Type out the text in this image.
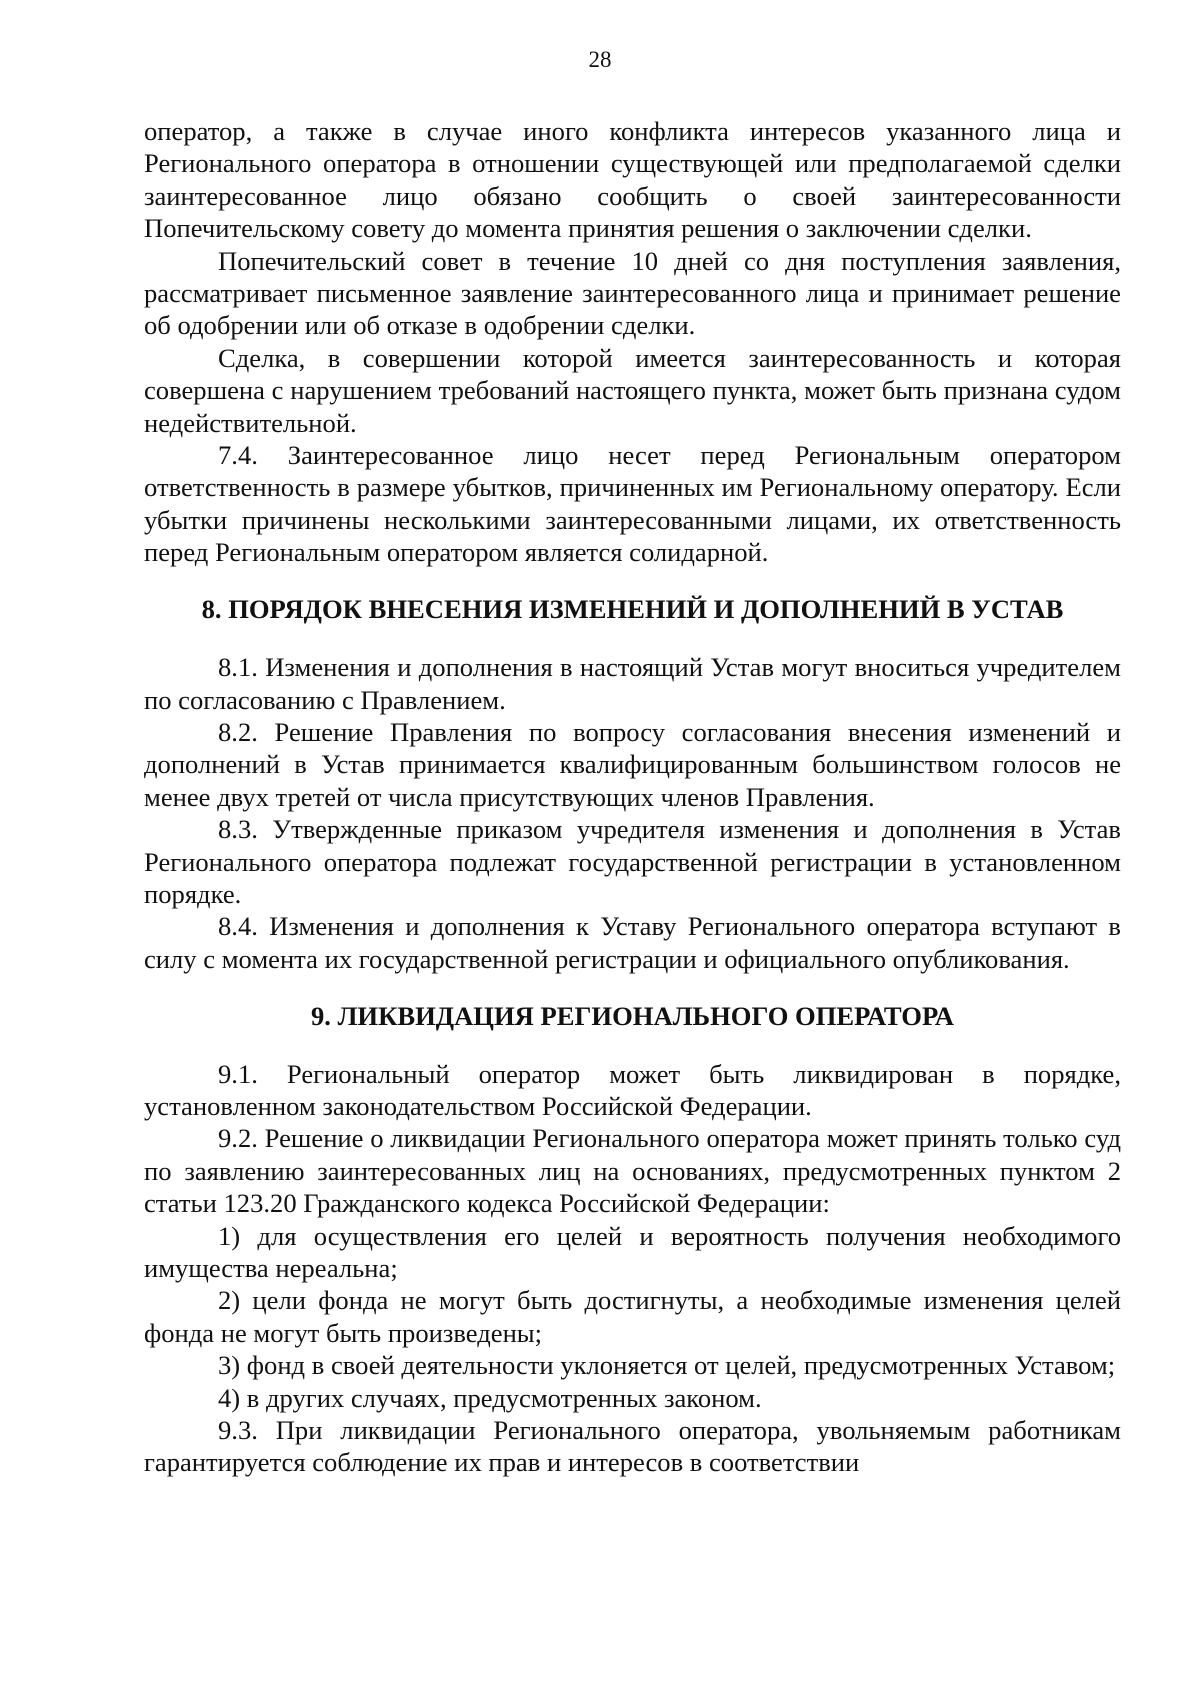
28

оператор, а также в случае иного конфликта интересов указанного лица и Регионального оператора в отношении существующей или предполагаемой сделки заинтересованное лицо обязано сообщить о своей заинтересованности Попечительскому совету до момента принятия решения о заключении сделки.

Попечительский совет в течение 10 дней со дня поступления заявления, рассматривает письменное заявление заинтересованного лица и принимает решение об одобрении или об отказе в одобрении сделки.

Сделка, в совершении которой имеется заинтересованность и которая совершена с нарушением требований настоящего пункта, может быть признана судом недействительной.

7.4. Заинтересованное лицо несет перед Региональным оператором ответственность в размере убытков, причиненных им Региональному оператору. Если убытки причинены несколькими заинтересованными лицами, их ответственность перед Региональным оператором является солидарной.

8. ПОРЯДОК ВНЕСЕНИЯ ИЗМЕНЕНИЙ И ДОПОЛНЕНИЙ В УСТАВ

8.1. Изменения и дополнения в настоящий Устав могут вноситься учредителем по согласованию с Правлением.

8.2. Решение Правления по вопросу согласования внесения изменений и дополнений в Устав принимается квалифицированным большинством голосов не менее двух третей от числа присутствующих членов Правления.

8.3. Утвержденные приказом учредителя изменения и дополнения в Устав Регионального оператора подлежат государственной регистрации в установленном порядке.

8.4. Изменения и дополнения к Уставу Регионального оператора вступают в силу с момента их государственной регистрации и официального опубликования.

9. ЛИКВИДАЦИЯ РЕГИОНАЛЬНОГО ОПЕРАТОРА

9.1. Региональный оператор может быть ликвидирован в порядке, установленном законодательством Российской Федерации.

9.2. Решение о ликвидации Регионального оператора может принять только суд по заявлению заинтересованных лиц на основаниях, предусмотренных пунктом 2 статьи 123.20 Гражданского кодекса Российской Федерации:

1) для осуществления его целей и вероятность получения необходимого имущества нереальна;

2) цели фонда не могут быть достигнуты, а необходимые изменения целей фонда не могут быть произведены;

3) фонд в своей деятельности уклоняется от целей, предусмотренных Уставом;

4) в других случаях, предусмотренных законом.

9.3. При ликвидации Регионального оператора, увольняемым работникам гарантируется соблюдение их прав и интересов в соответствии
